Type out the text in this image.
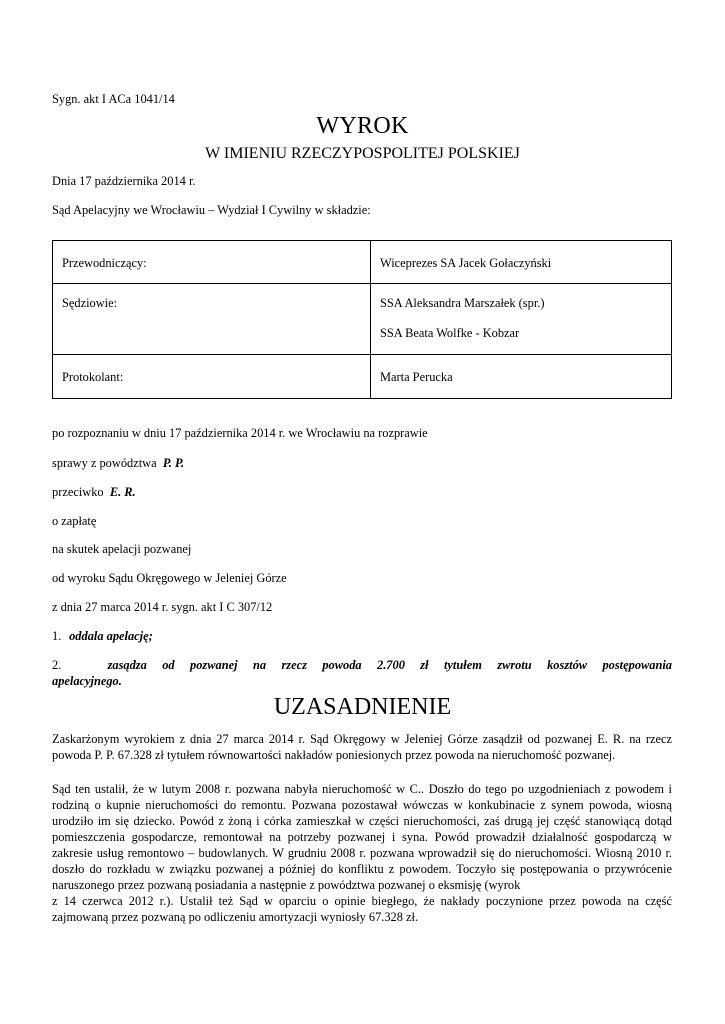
Sygn. akt I ACa 1041/14
WYROK
W IMIENIU RZECZYPOSPOLITEJ POLSKIEJ
Dnia 17 października 2014 r.
Sąd Apelacyjny we Wrocławiu – Wydział I Cywilny w składzie:
Przewodniczący:	Wiceprezes SA Jacek Gołaczyński

Sędziowie:	SSA Aleksandra Marszałek (spr.)
SSA Beata Wolfke - Kobzar

Protokolant:	Marta Perucka
po rozpoznaniu w dniu 17 października 2014 r. we Wrocławiu na rozprawie
sprawy z powództwa P. P.
przeciwko E. R.
o zapłatę
na skutek apelacji pozwanej
od wyroku Sądu Okręgowego w Jeleniej Górze
z dnia 27 marca 2014 r. sygn. akt I C 307/12
1. oddala apelację;
2.	zasądza od pozwanej na rzecz powoda 2.700 zł tytułem zwrotu kosztów postępowania
apelacyjnego.
UZASADNIENIE
Zaskarżonym wyrokiem z dnia 27 marca 2014 r. Sąd Okręgowy w Jeleniej Górze zasądził od pozwanej E. R. na rzecz powoda P. P. 67.328 zł tytułem równowartości nakładów poniesionych przez powoda na nieruchomość pozwanej.
Sąd ten ustalił, że w lutym 2008 r. pozwana nabyła nieruchomość w C.. Doszło do tego po uzgodnieniach z powodem i rodziną o kupnie nieruchomości do remontu. Pozwana pozostawał wówczas w konkubinacie z synem powoda, wiosną urodziło im się dziecko. Powód z żoną i córka zamieszkał w części nieruchomości, zaś drugą jej część stanowiącą dotąd pomieszczenia gospodarcze, remontował na potrzeby pozwanej i syna. Powód prowadził działalność gospodarczą w zakresie usług remontowo – budowlanych. W grudniu 2008 r. pozwana wprowadził się do nieruchomości. Wiosną 2010 r. doszło do rozkładu w związku pozwanej a później do konfliktu z powodem. Toczyło się postępowania o przywrócenie naruszonego przez pozwaną posiadania a następnie z powództwa pozwanej o eksmisję (wyrok
z 14 czerwca 2012 r.). Ustalił też Sąd w oparciu o opinie biegłego, że nakłady poczynione przez powoda na część zajmowaną przez pozwaną po odliczeniu amortyzacji wyniosły 67.328 zł.
